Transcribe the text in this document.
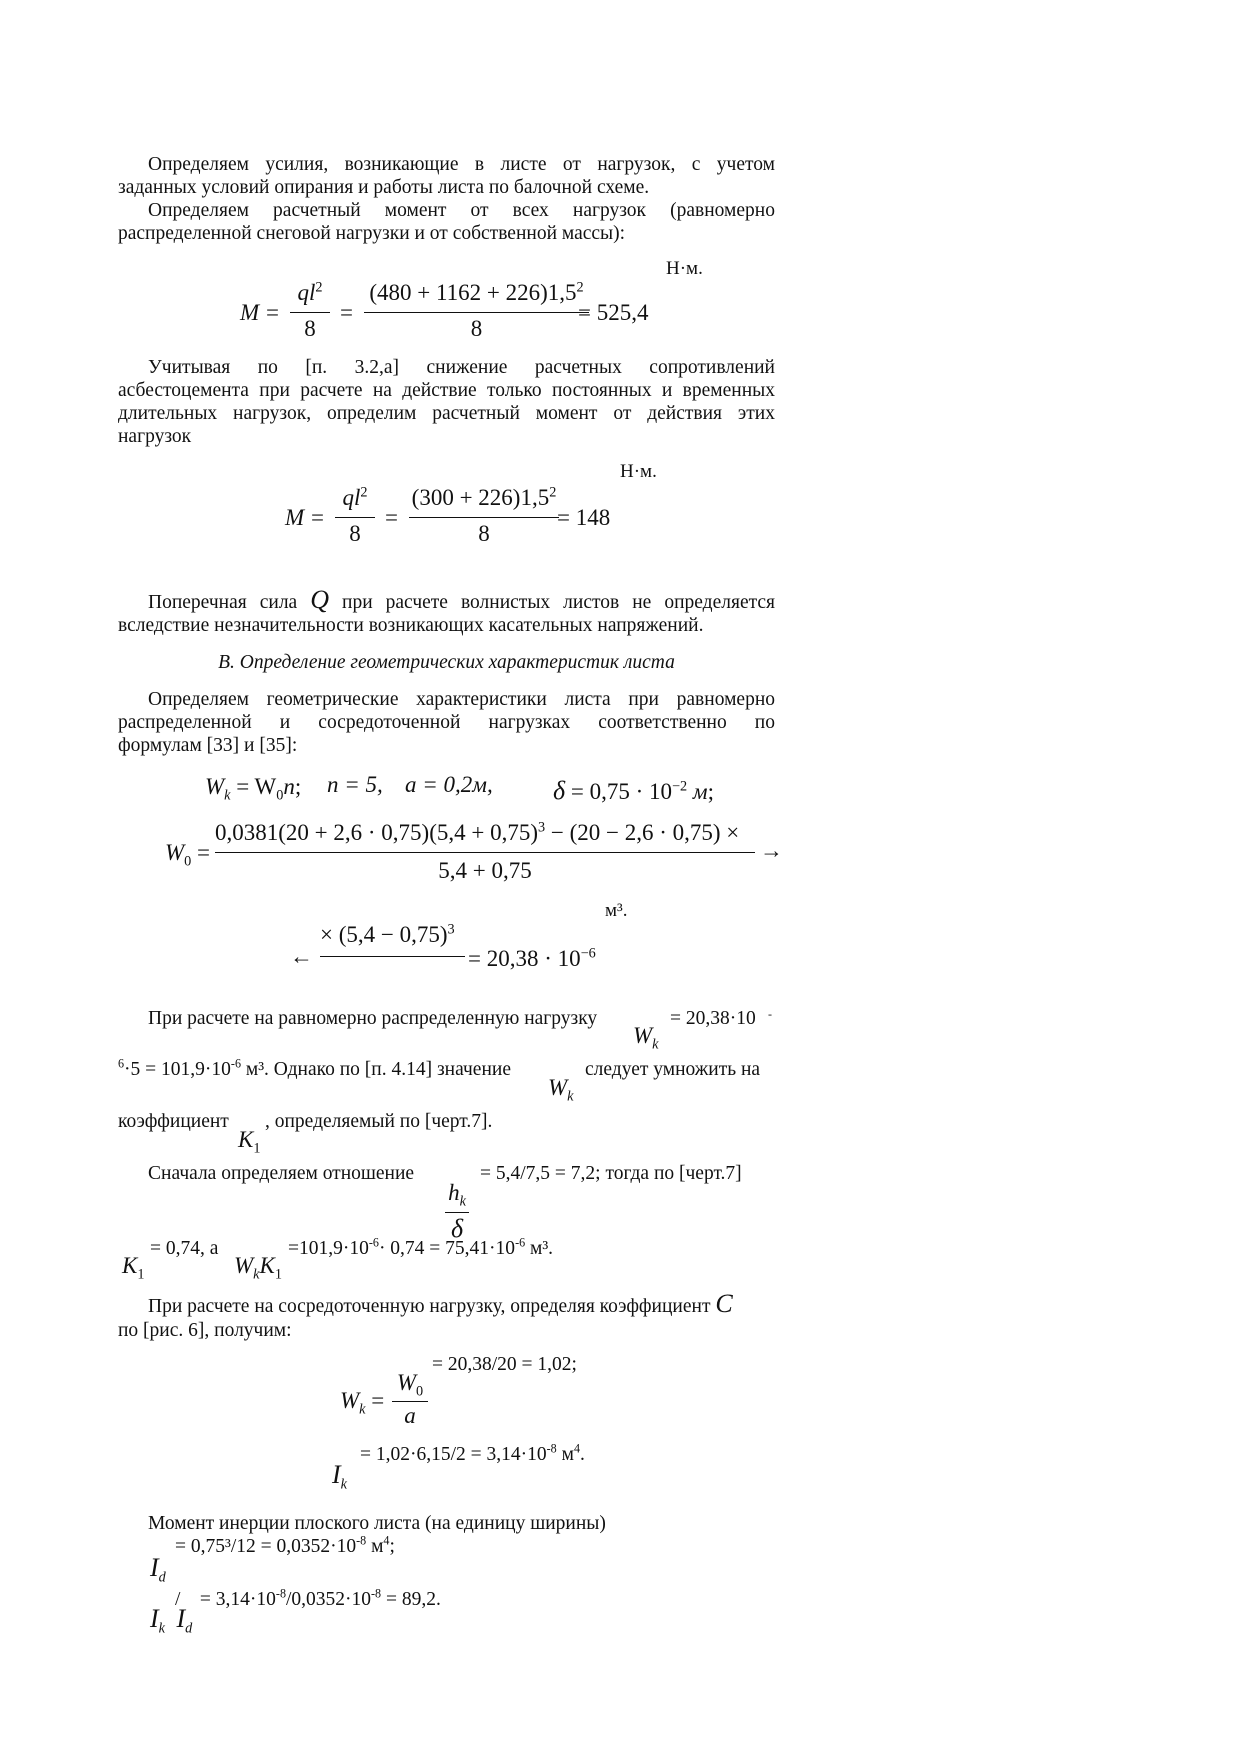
Определяем усилия, возникающие в листе от нагрузок, с учетом
заданных условий опирания и работы листа по балочной схеме.
Определяем расчетный момент от всех нагрузок (равномерно
распределенной снеговой нагрузки и от собственной массы):
Н·м.
M =
$ql^2$
8
=
$(480 + 1162 + 226)1,5^2$
8
= 525,4
Учитывая по [п. 3.2,а] снижение расчетных сопротивлений
асбестоцемента при расчете на действие только постоянных и временных
длительных нагрузок, определим расчетный момент от действия этих
нагрузок
Н·м.
M =
$ql^2$
8
=
$(300 + 226)1,5^2$
8
= 148
Поперечная сила Q при расчете волнистых листов не определяется
вследствие незначительности возникающих касательных напряжений.
В. Определение геометрических характеристик листа
Определяем геометрические характеристики листа при равномерно
распределенной и сосредоточенной нагрузках соответственно по
формулам [33] и [35]:
$W_k = W_0n$; n = 5, a = 0,2м, $\delta = 0,75 \cdot 10^{-2}$ м;
$W_0$ =
$0,0381(20 + 2,6 \cdot 0,75)(5,4 + 0,75)^3 - (20 - 2,6 \cdot 0,75)$ ×
5,4 + 0,75
→
м³.
←
× $(5,4 - 0,75)^3$
= $20,38 \cdot 10^{-6}$
При расчете на равномерно распределенную нагрузку	= 20,38·10 -
$W_k$
$^6\cdot 5 = 101,9\cdot 10^{-6}$ м³. Однако по [п. 4.14] значение	следует умножить на
$W_k$
коэффициент , определяемый по [черт.7].
$K_1$
Сначала определяем отношение	= 5,4/7,5 = 7,2; тогда по [черт.7]
$h_k$
δ
= 0,74, а	$=101,9\cdot 10^{-6}\cdot 0,74 = 75,41\cdot 10^{-6}$ м³.
$K_1$	$W_kK_1$
При расчете на сосредоточенную нагрузку, определяя коэффициент C
по [рис. 6], получим:
= 20,38/20 = 1,02;
$W_k$ =
$W_0$
a
= $1,02\cdot 6,15/2 = 3,14\cdot 10^{-8}$ $м^4$.
$I_k$
Момент инерции плоского листа (на единицу ширины)
= $0,75^3/12 = 0,0352\cdot 10^{-8}$ $м^4$;
$I_d$
/    = $3,14\cdot 10^{-8}/0,0352\cdot 10^{-8} = 89,2$.
$I_k$ $I_d$
